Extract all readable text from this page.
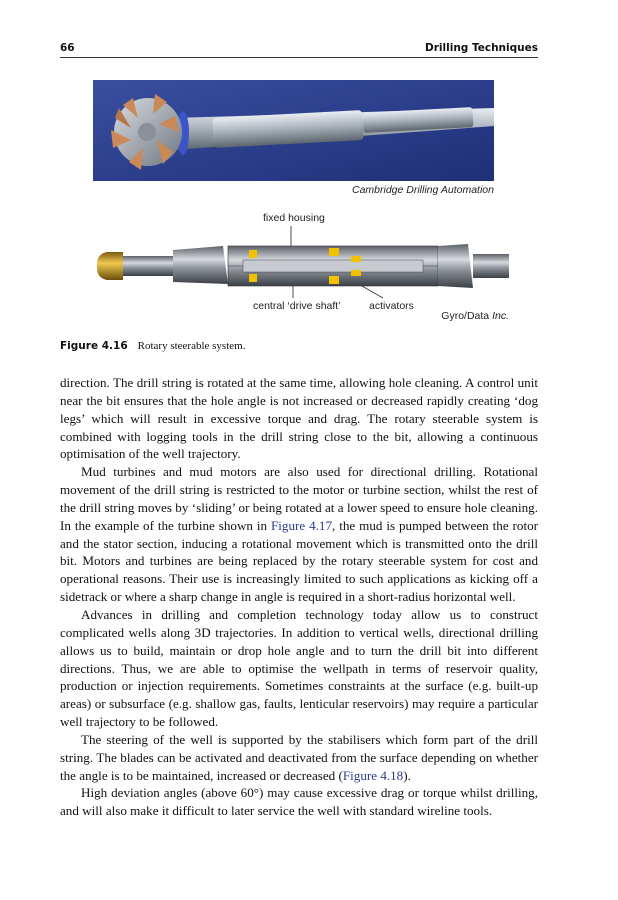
66	Drilling Techniques
Cambridge Drilling Automation
fixed housing
central ‘drive shaft’	activators
Gyro/Data Inc.
Figure 4.16 Rotary steerable system.

direction. The drill string is rotated at the same time, allowing hole cleaning. A control unit near the bit ensures that the hole angle is not increased or decreased rapidly creating ‘dog legs’ which will result in excessive torque and drag. The rotary steerable system is combined with logging tools in the drill string close to the bit, allowing a continuous optimisation of the well trajectory.

Mud turbines and mud motors are also used for directional drilling. Rotational movement of the drill string is restricted to the motor or turbine section, whilst the rest of the drill string moves by ‘sliding’ or being rotated at a lower speed to ensure hole cleaning. In the example of the turbine shown in Figure 4.17, the mud is pumped between the rotor and the stator section, inducing a rotational movement which is transmitted onto the drill bit. Motors and turbines are being replaced by the rotary steerable system for cost and operational reasons. Their use is increasingly limited to such applications as kicking off a sidetrack or where a sharp change in angle is required in a short-radius horizontal well.

Advances in drilling and completion technology today allow us to construct complicated wells along 3D trajectories. In addition to vertical wells, directional drilling allows us to build, maintain or drop hole angle and to turn the drill bit into different directions. Thus, we are able to optimise the wellpath in terms of reservoir quality, production or injection requirements. Sometimes constraints at the surface (e.g. built-up areas) or subsurface (e.g. shallow gas, faults, lenticular reservoirs) may require a particular well trajectory to be followed.

The steering of the well is supported by the stabilisers which form part of the drill string. The blades can be activated and deactivated from the surface depending on whether the angle is to be maintained, increased or decreased (Figure 4.18).

High deviation angles (above 60°) may cause excessive drag or torque whilst drilling, and will also make it difficult to later service the well with standard wireline tools.
